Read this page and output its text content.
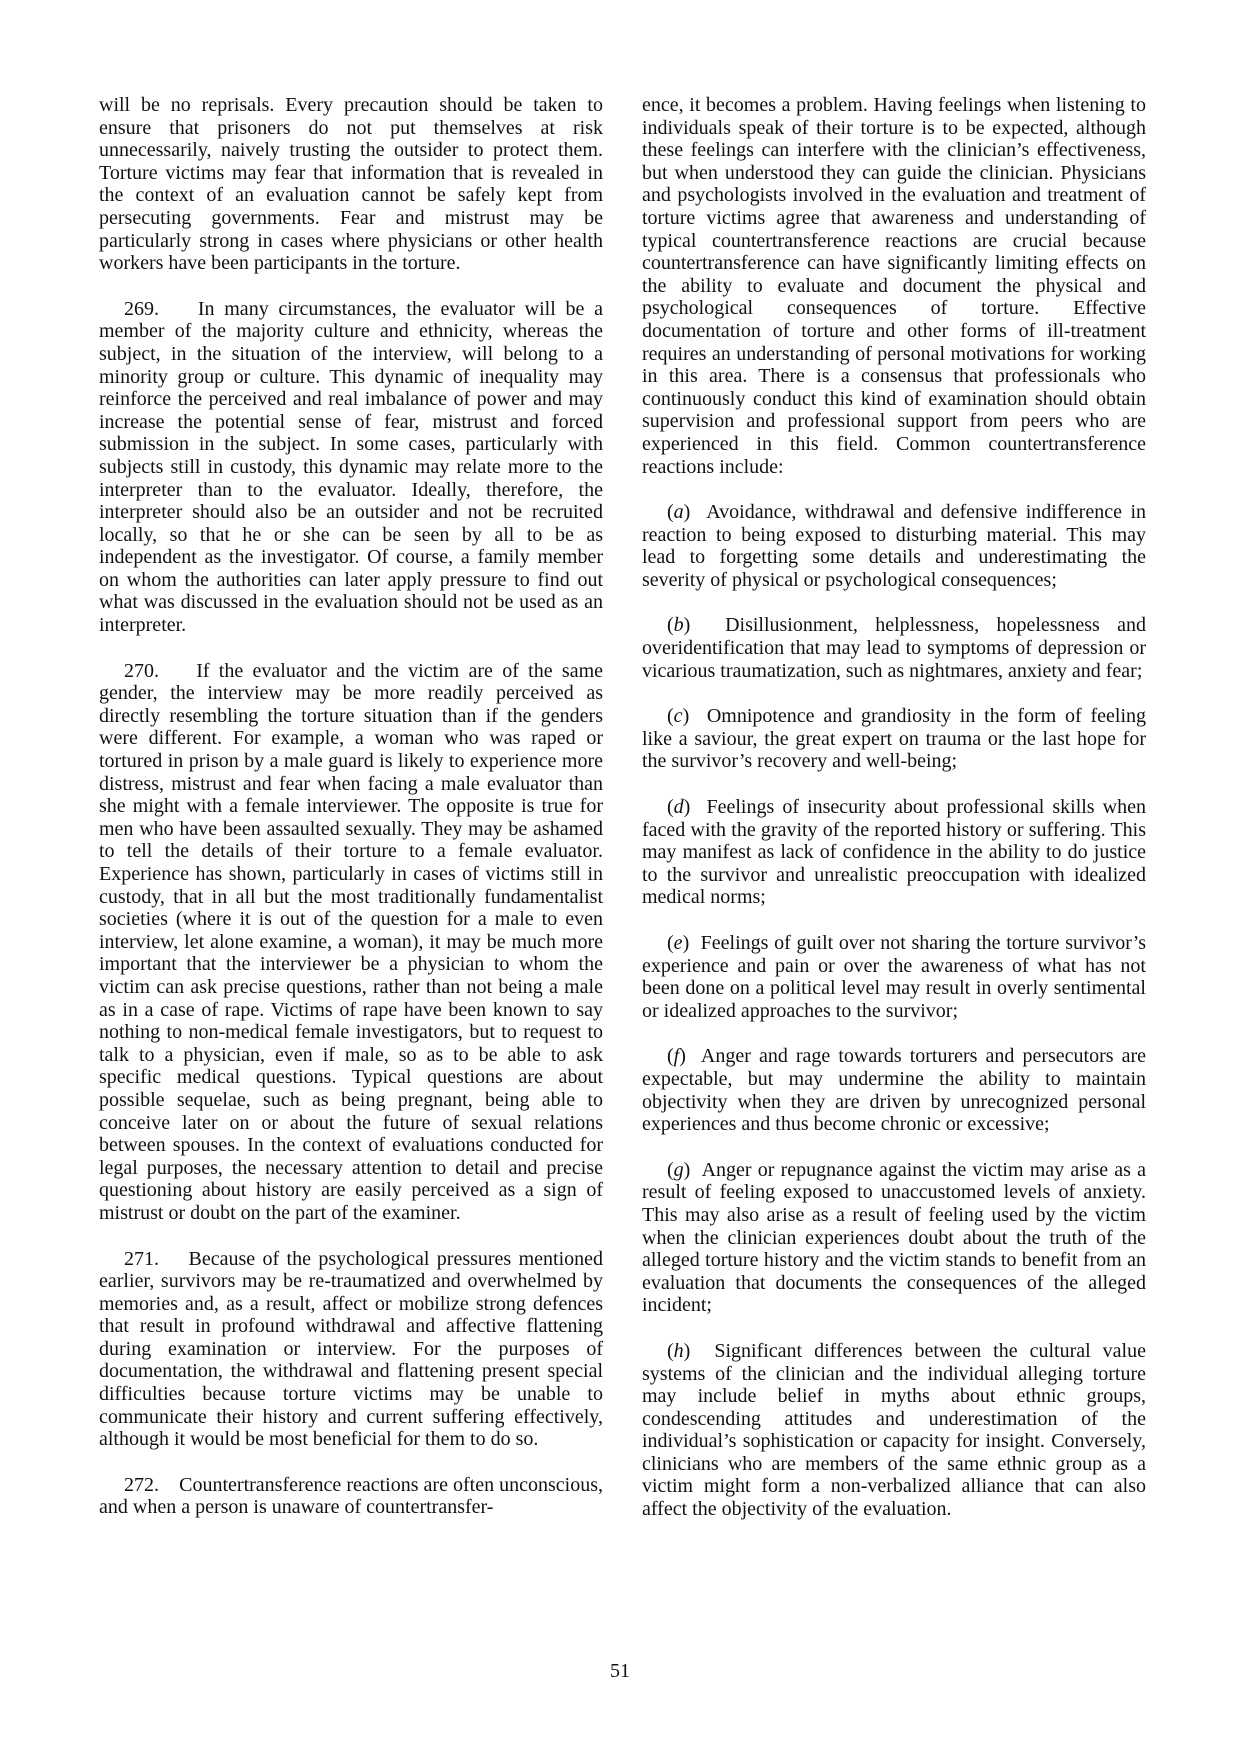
will be no reprisals. Every precaution should be taken to ensure that prisoners do not put themselves at risk unnecessarily, naively trusting the outsider to protect them. Torture victims may fear that information that is revealed in the context of an evaluation cannot be safely kept from persecuting governments. Fear and mistrust may be particularly strong in cases where physicians or other health workers have been participants in the torture.

269. In many circumstances, the evaluator will be a member of the majority culture and ethnicity, whereas the subject, in the situation of the interview, will belong to a minority group or culture. This dynamic of inequality may reinforce the perceived and real imbalance of power and may increase the potential sense of fear, mistrust and forced submission in the subject. In some cases, particularly with subjects still in custody, this dynamic may relate more to the interpreter than to the evaluator. Ideally, therefore, the interpreter should also be an outsider and not be recruited locally, so that he or she can be seen by all to be as independent as the investigator. Of course, a family member on whom the authorities can later apply pressure to find out what was discussed in the evaluation should not be used as an interpreter.

270. If the evaluator and the victim are of the same gender, the interview may be more readily perceived as directly resembling the torture situation than if the genders were different. For example, a woman who was raped or tortured in prison by a male guard is likely to experience more distress, mistrust and fear when facing a male evaluator than she might with a female interviewer. The opposite is true for men who have been assaulted sexually. They may be ashamed to tell the details of their torture to a female evaluator. Experience has shown, particularly in cases of victims still in custody, that in all but the most traditionally fundamentalist societies (where it is out of the question for a male to even interview, let alone examine, a woman), it may be much more important that the interviewer be a physician to whom the victim can ask precise questions, rather than not being a male as in a case of rape. Victims of rape have been known to say nothing to non-medical female investigators, but to request to talk to a physician, even if male, so as to be able to ask specific medical questions. Typical questions are about possible sequelae, such as being pregnant, being able to conceive later on or about the future of sexual relations between spouses. In the context of evaluations conducted for legal purposes, the necessary attention to detail and precise questioning about history are easily perceived as a sign of mistrust or doubt on the part of the examiner.

271. Because of the psychological pressures mentioned earlier, survivors may be re-traumatized and overwhelmed by memories and, as a result, affect or mobilize strong defences that result in profound withdrawal and affective flattening during examination or interview. For the purposes of documentation, the withdrawal and flattening present special difficulties because torture victims may be unable to communicate their history and current suffering effectively, although it would be most beneficial for them to do so.

272. Countertransference reactions are often unconscious, and when a person is unaware of countertransfer-

ence, it becomes a problem. Having feelings when listening to individuals speak of their torture is to be expected, although these feelings can interfere with the clinician’s effectiveness, but when understood they can guide the clinician. Physicians and psychologists involved in the evaluation and treatment of torture victims agree that awareness and understanding of typical countertransference reactions are crucial because countertransference can have significantly limiting effects on the ability to evaluate and document the physical and psychological consequences of torture. Effective documentation of torture and other forms of ill-treatment requires an understanding of personal motivations for working in this area. There is a consensus that professionals who continuously conduct this kind of examination should obtain supervision and professional support from peers who are experienced in this field. Common countertransference reactions include:

(a)  Avoidance, withdrawal and defensive indifference in reaction to being exposed to disturbing material. This may lead to forgetting some details and underestimating the severity of physical or psychological consequences;

(b)  Disillusionment, helplessness, hopelessness and overidentification that may lead to symptoms of depression or vicarious traumatization, such as nightmares, anxiety and fear;

(c)  Omnipotence and grandiosity in the form of feeling like a saviour, the great expert on trauma or the last hope for the survivor’s recovery and well-being;

(d)  Feelings of insecurity about professional skills when faced with the gravity of the reported history or suffering. This may manifest as lack of confidence in the ability to do justice to the survivor and unrealistic preoccupation with idealized medical norms;

(e)  Feelings of guilt over not sharing the torture survivor’s experience and pain or over the awareness of what has not been done on a political level may result in overly sentimental or idealized approaches to the survivor;

(f)  Anger and rage towards torturers and persecutors are expectable, but may undermine the ability to maintain objectivity when they are driven by unrecognized personal experiences and thus become chronic or excessive;

(g)  Anger or repugnance against the victim may arise as a result of feeling exposed to unaccustomed levels of anxiety. This may also arise as a result of feeling used by the victim when the clinician experiences doubt about the truth of the alleged torture history and the victim stands to benefit from an evaluation that documents the consequences of the alleged incident;

(h)  Significant differences between the cultural value systems of the clinician and the individual alleging torture may include belief in myths about ethnic groups, condescending attitudes and underestimation of the individual’s sophistication or capacity for insight. Conversely, clinicians who are members of the same ethnic group as a victim might form a non-verbalized alliance that can also affect the objectivity of the evaluation.

51
